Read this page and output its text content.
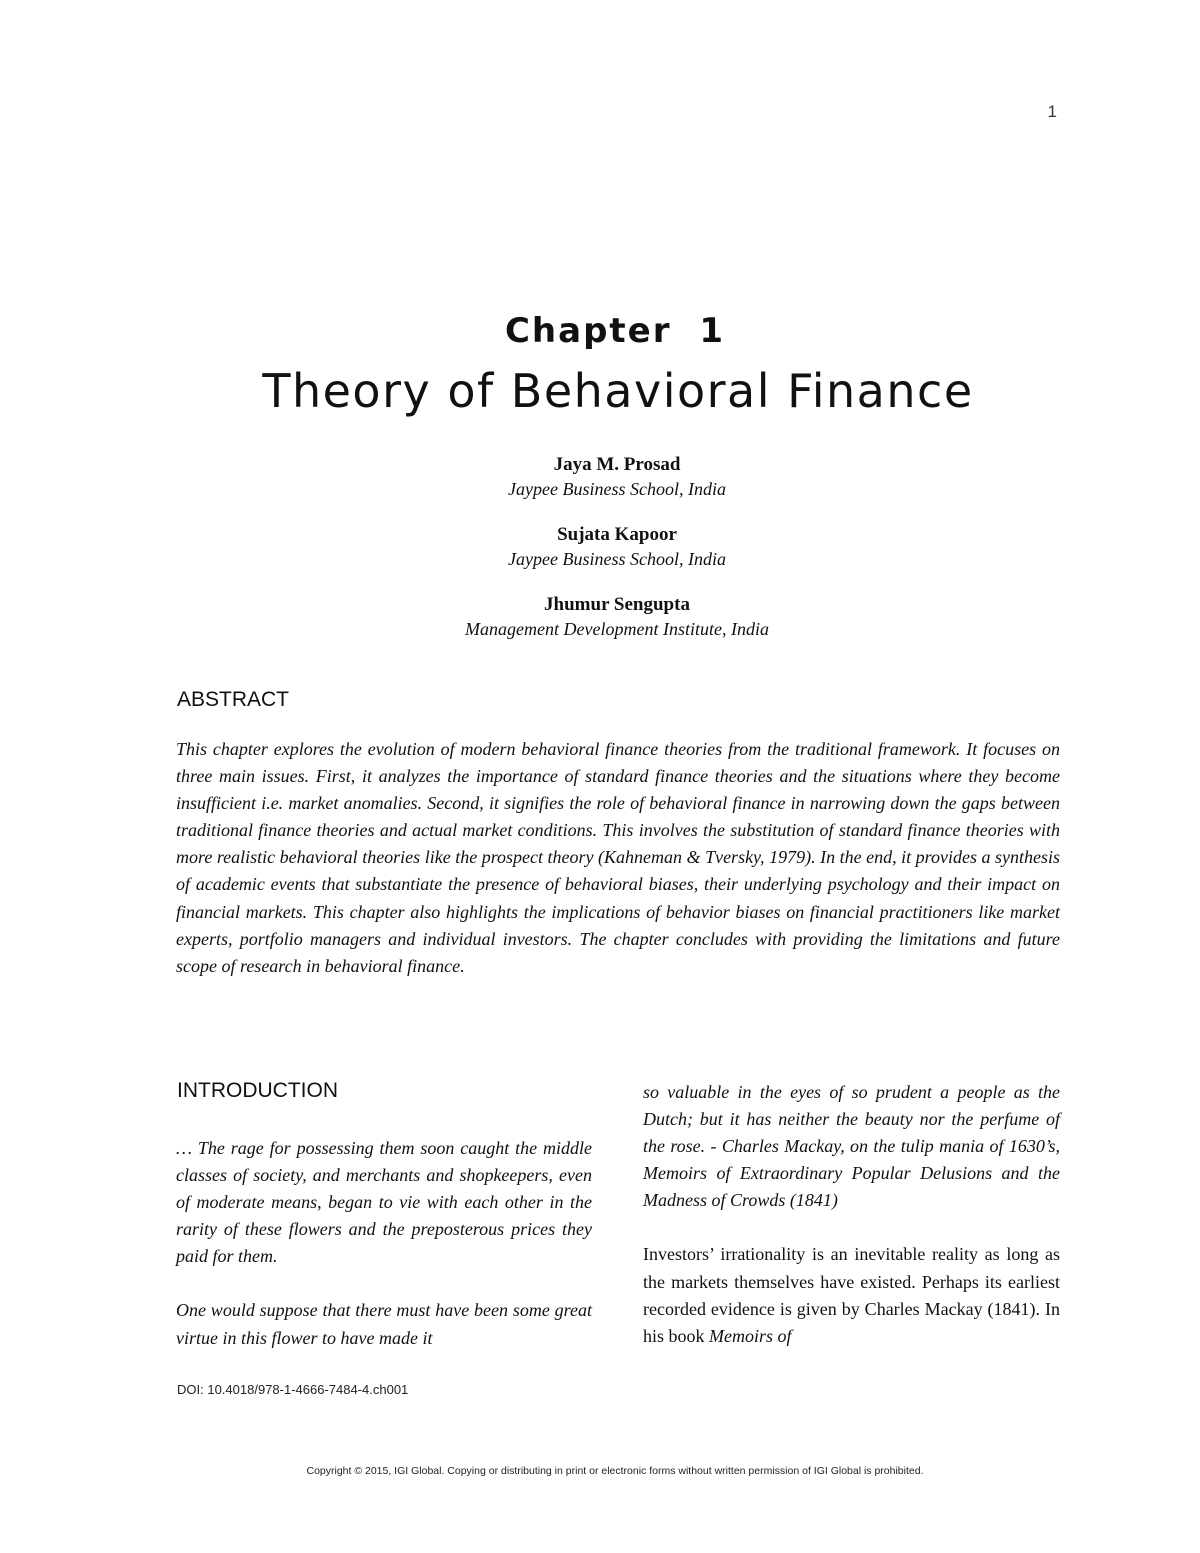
1
Chapter 1
Theory of Behavioral Finance
Jaya M. Prosad
Jaypee Business School, India
Sujata Kapoor
Jaypee Business School, India
Jhumur Sengupta
Management Development Institute, India
ABSTRACT

This chapter explores the evolution of modern behavioral finance theories from the traditional framework. It focuses on three main issues. First, it analyzes the importance of standard finance theories and the situations where they become insufficient i.e. market anomalies. Second, it signifies the role of behavioral finance in narrowing down the gaps between traditional finance theories and actual market conditions. This involves the substitution of standard finance theories with more realistic behavioral theories like the prospect theory (Kahneman & Tversky, 1979). In the end, it provides a synthesis of academic events that substantiate the presence of behavioral biases, their underlying psychology and their impact on financial markets. This chapter also highlights the implications of behavior biases on financial practitioners like market experts, portfolio managers and individual investors. The chapter concludes with providing the limitations and future scope of research in behavioral finance.

INTRODUCTION

… The rage for possessing them soon caught the middle classes of society, and merchants and shopkeepers, even of moderate means, began to vie with each other in the rarity of these flowers and the preposterous prices they paid for them.

One would suppose that there must have been some great virtue in this flower to have made it

so valuable in the eyes of so prudent a people as the Dutch; but it has neither the beauty nor the perfume of the rose. - Charles Mackay, on the tulip mania of 1630’s, Memoirs of Extraordinary Popular Delusions and the Madness of Crowds (1841)

Investors’ irrationality is an inevitable reality as long as the markets themselves have existed. Perhaps its earliest recorded evidence is given by Charles Mackay (1841). In his book Memoirs of

DOI: 10.4018/978-1-4666-7484-4.ch001
Copyright © 2015, IGI Global. Copying or distributing in print or electronic forms without written permission of IGI Global is prohibited.
